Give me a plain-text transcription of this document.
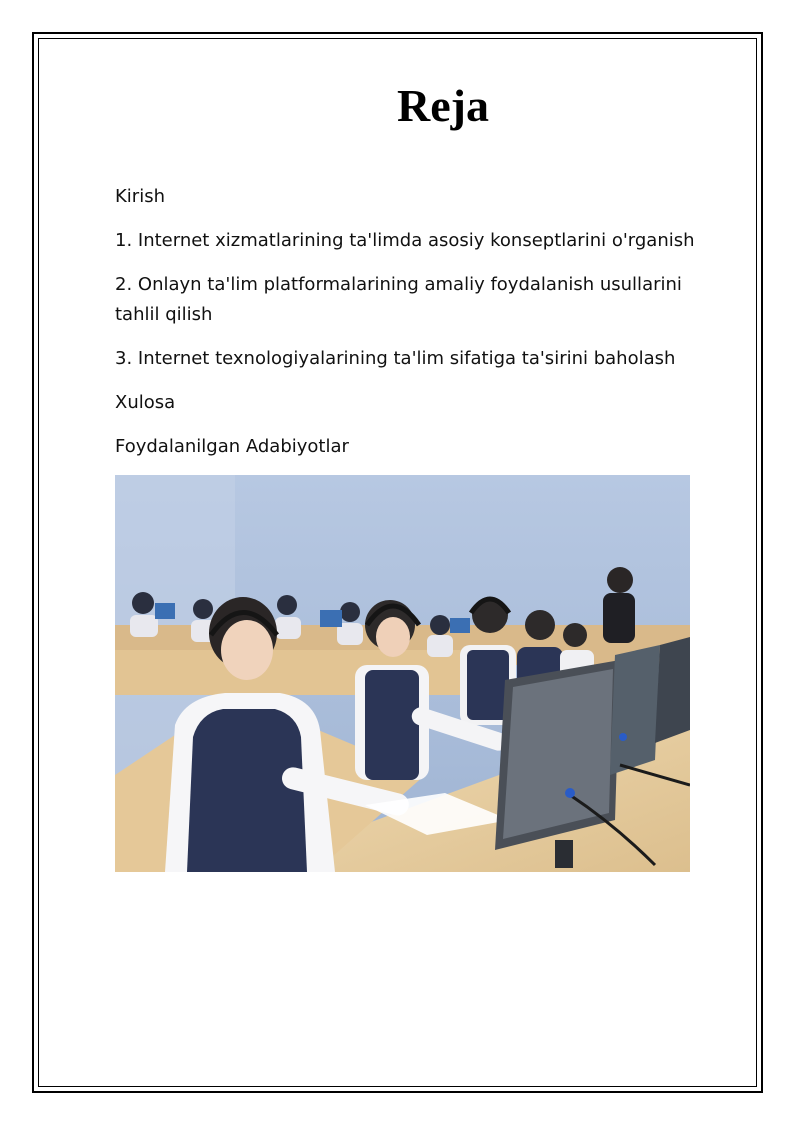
Reja

Kirish

1. Internet xizmatlarining ta'limda asosiy konseptlarini o'rganish

2. Onlayn ta'lim platformalarining amaliy foydalanish usullarini tahlil qilish

3. Internet texnologiyalarining ta'lim sifatiga ta'sirini baholash

Xulosa

Foydalanilgan Adabiyotlar
